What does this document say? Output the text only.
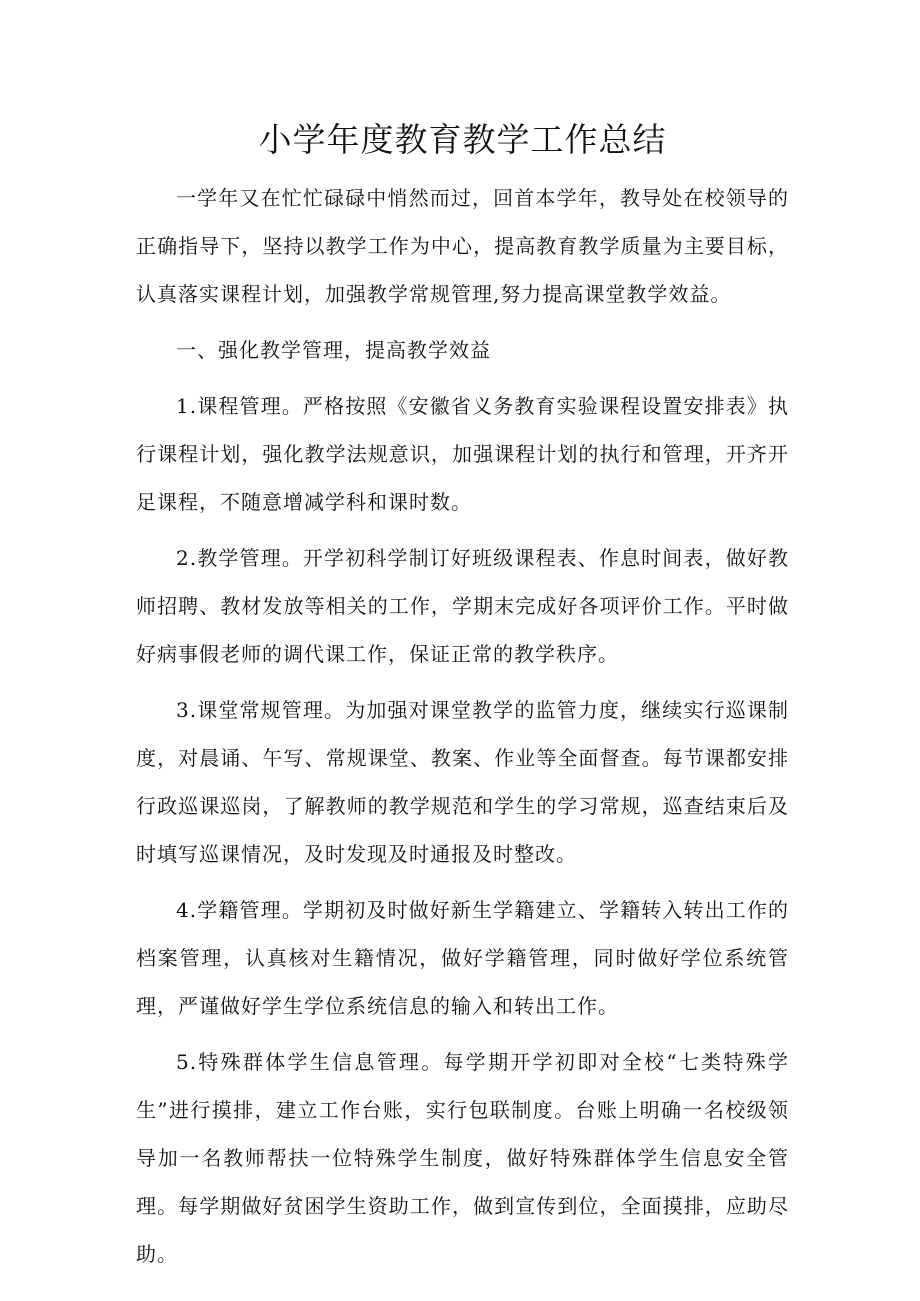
小学年度教育教学工作总结

一学年又在忙忙碌碌中悄然而过，回首本学年，教导处在校领导的正确指导下，坚持以教学工作为中心，提高教育教学质量为主要目标，认真落实课程计划，加强教学常规管理,努力提高课堂教学效益。

一、强化教学管理，提高教学效益

1.课程管理。严格按照《安徽省义务教育实验课程设置安排表》执行课程计划，强化教学法规意识，加强课程计划的执行和管理，开齐开足课程，不随意增减学科和课时数。

2.教学管理。开学初科学制订好班级课程表、作息时间表，做好教师招聘、教材发放等相关的工作，学期末完成好各项评价工作。平时做好病事假老师的调代课工作，保证正常的教学秩序。

3.课堂常规管理。为加强对课堂教学的监管力度，继续实行巡课制度，对晨诵、午写、常规课堂、教案、作业等全面督查。每节课都安排行政巡课巡岗，了解教师的教学规范和学生的学习常规，巡查结束后及时填写巡课情况，及时发现及时通报及时整改。

4.学籍管理。学期初及时做好新生学籍建立、学籍转入转出工作的档案管理，认真核对生籍情况，做好学籍管理，同时做好学位系统管理，严谨做好学生学位系统信息的输入和转出工作。

5.特殊群体学生信息管理。每学期开学初即对全校“七类特殊学生”进行摸排，建立工作台账，实行包联制度。台账上明确一名校级领导加一名教师帮扶一位特殊学生制度，做好特殊群体学生信息安全管理。每学期做好贫困学生资助工作，做到宣传到位，全面摸排，应助尽助。
